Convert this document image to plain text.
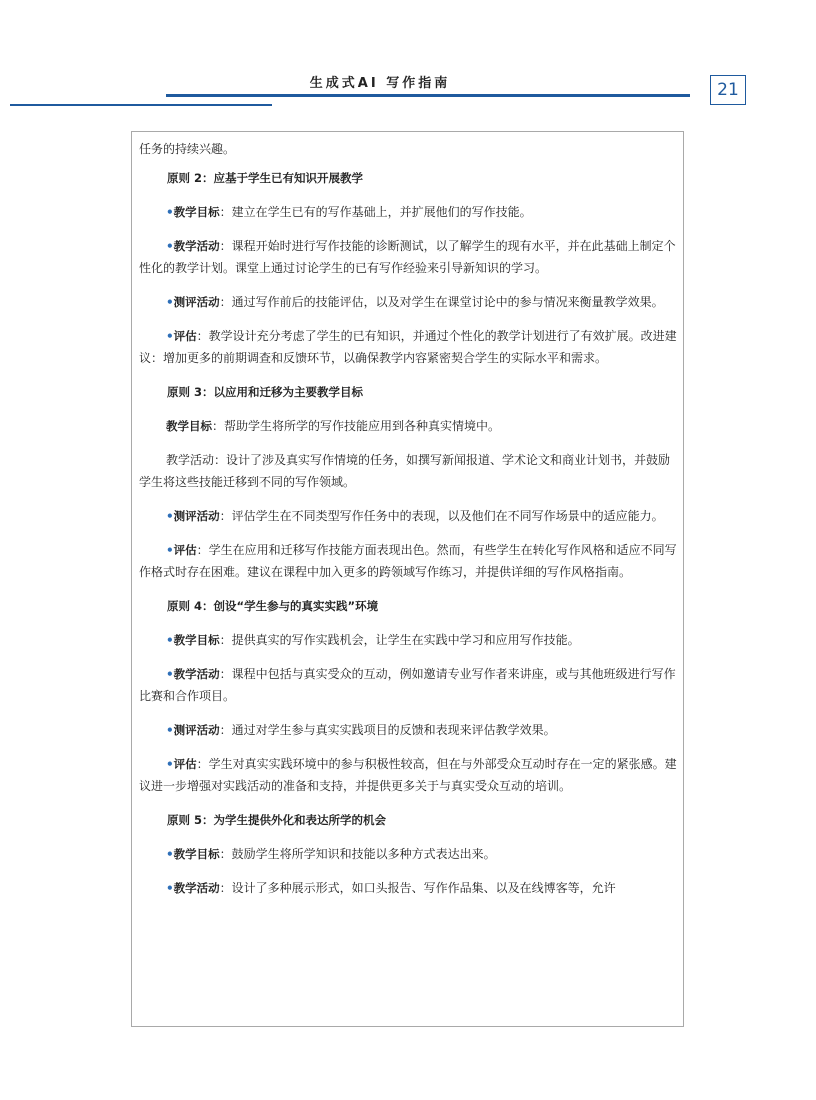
生成式AI 写作指南	21

任务的持续兴趣。

原则 2：应基于学生已有知识开展教学

•教学目标：建立在学生已有的写作基础上，并扩展他们的写作技能。

•教学活动：课程开始时进行写作技能的诊断测试，以了解学生的现有水平，并在此基础上制定个性化的教学计划。课堂上通过讨论学生的已有写作经验来引导新知识的学习。

•测评活动：通过写作前后的技能评估，以及对学生在课堂讨论中的参与情况来衡量教学效果。

•评估：教学设计充分考虑了学生的已有知识，并通过个性化的教学计划进行了有效扩展。改进建议：增加更多的前期调查和反馈环节，以确保教学内容紧密契合学生的实际水平和需求。

原则 3：以应用和迁移为主要教学目标

教学目标：帮助学生将所学的写作技能应用到各种真实情境中。

教学活动：设计了涉及真实写作情境的任务，如撰写新闻报道、学术论文和商业计划书，并鼓励学生将这些技能迁移到不同的写作领域。

•测评活动：评估学生在不同类型写作任务中的表现，以及他们在不同写作场景中的适应能力。

•评估：学生在应用和迁移写作技能方面表现出色。然而，有些学生在转化写作风格和适应不同写作格式时存在困难。建议在课程中加入更多的跨领域写作练习，并提供详细的写作风格指南。

原则 4：创设“学生参与的真实实践”环境

•教学目标：提供真实的写作实践机会，让学生在实践中学习和应用写作技能。

•教学活动：课程中包括与真实受众的互动，例如邀请专业写作者来讲座，或与其他班级进行写作比赛和合作项目。

•测评活动：通过对学生参与真实实践项目的反馈和表现来评估教学效果。

•评估：学生对真实实践环境中的参与积极性较高，但在与外部受众互动时存在一定的紧张感。建议进一步增强对实践活动的准备和支持，并提供更多关于与真实受众互动的培训。

原则 5：为学生提供外化和表达所学的机会

•教学目标：鼓励学生将所学知识和技能以多种方式表达出来。

•教学活动：设计了多种展示形式，如口头报告、写作作品集、以及在线博客等，允许
